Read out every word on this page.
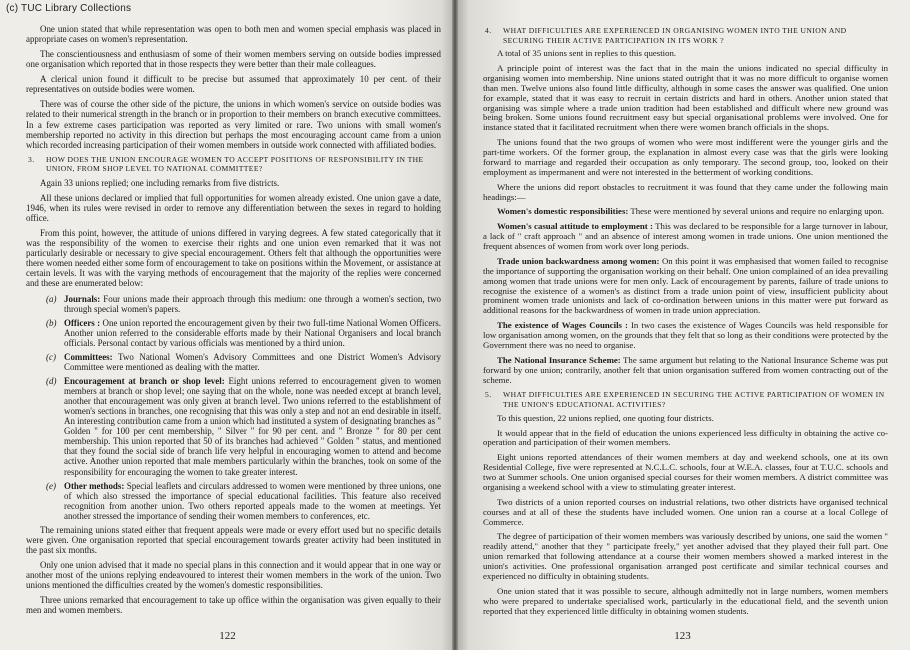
(c) TUC Library Collections

One union stated that while representation was open to both men and women special emphasis was placed in appropriate cases on women's representation.

The conscientiousness and enthusiasm of some of their women members serving on outside bodies impressed one organisation which reported that in those respects they were better than their male colleagues.

A clerical union found it difficult to be precise but assumed that approximately 10 per cent. of their representatives on outside bodies were women.

There was of course the other side of the picture, the unions in which women's service on outside bodies was related to their numerical strength in the branch or in proportion to their members on branch executive committees. In a few extreme cases participation was reported as very limited or rare. Two unions with small women's membership reported no activity in this direction but perhaps the most encouraging account came from a union which recorded increasing participation of their women members in outside work connected with affiliated bodies.

3. HOW DOES THE UNION ENCOURAGE WOMEN TO ACCEPT POSITIONS OF RESPONSIBILITY IN THE UNION, FROM SHOP LEVEL TO NATIONAL COMMITTEE?

Again 33 unions replied; one including remarks from five districts.

All these unions declared or implied that full opportunities for women already existed. One union gave a date, 1946, when its rules were revised in order to remove any differentiation between the sexes in regard to holding office.

From this point, however, the attitude of unions differed in varying degrees. A few stated categorically that it was the responsibility of the women to exercise their rights and one union even remarked that it was not particularly desirable or necessary to give special encouragement. Others felt that although the opportunities were there women needed either some form of encouragement to take on positions within the Movement, or assistance at certain levels. It was with the varying methods of encouragement that the majority of the replies were concerned and these are enumerated below:

(a) Journals: Four unions made their approach through this medium: one through a women's section, two through special women's papers.
(b) Officers : One union reported the encouragement given by their two full-time National Women Officers. Another union referred to the considerable efforts made by their National Organisers and local branch officials. Personal contact by various officials was mentioned by a third union.
(c) Committees: Two National Women's Advisory Committees and one District Women's Advisory Committee were mentioned as dealing with the matter.
(d) Encouragement at branch or shop level: Eight unions referred to encouragement given to women members at branch or shop level; one saying that on the whole, none was needed except at branch level, another that encouragement was only given at branch level. Two unions referred to the establishment of women's sections in branches, one recognising that this was only a step and not an end desirable in itself. An interesting contribution came from a union which had instituted a system of designating branches as " Golden " for 100 per cent membership, " Silver " for 90 per cent. and " Bronze " for 80 per cent membership. This union reported that 50 of its branches had achieved " Golden " status, and mentioned that they found the social side of branch life very helpful in encouraging women to attend and become active. Another union reported that male members particularly within the branches, took on some of the responsibility for encouraging the women to take greater interest.
(e) Other methods: Special leaflets and circulars addressed to women were mentioned by three unions, one of which also stressed the importance of special educational facilities. This feature also received recognition from another union. Two others reported appeals made to the women at meetings. Yet another stressed the importance of sending their women members to conferences, etc.

The remaining unions stated either that frequent appeals were made or every effort used but no specific details were given. One organisation reported that special encouragement towards greater activity had been instituted in the past six months.

Only one union advised that it made no special plans in this connection and it would appear that in one way or another most of the unions replying endeavoured to interest their women members in the work of the union. Two unions mentioned the difficulties created by the women's domestic responsibilities.

Three unions remarked that encouragement to take up office within the organisation was given equally to their men and women members.

122
4. WHAT DIFFICULTIES ARE EXPERIENCED IN ORGANISING WOMEN INTO THE UNION AND SECURING THEIR ACTIVE PARTICIPATION IN ITS WORK ?

A total of 35 unions sent in replies to this question.

A principle point of interest was the fact that in the main the unions indicated no special difficulty in organising women into membership. Nine unions stated outright that it was no more difficult to organise women than men. Twelve unions also found little difficulty, although in some cases the answer was qualified. One union for example, stated that it was easy to recruit in certain districts and hard in others. Another union stated that organising was simple where a trade union tradition had been established and difficult where new ground was being broken. Some unions found recruitment easy but special organisational problems were involved. One for instance stated that it facilitated recruitment when there were women branch officials in the shops.

The unions found that the two groups of women who were most indifferent were the younger girls and the part-time workers. Of the former group, the explanation in almost every case was that the girls were looking forward to marriage and regarded their occupation as only temporary. The second group, too, looked on their employment as impermanent and were not interested in the betterment of working conditions.

Where the unions did report obstacles to recruitment it was found that they came under the following main headings:—

Women's domestic responsibilities: These were mentioned by several unions and require no enlarging upon.
Women's casual attitude to employment : This was declared to be responsible for a large turnover in labour, a lack of " craft approach " and an absence of interest among women in trade unions. One union mentioned the frequent absences of women from work over long periods.
Trade union backwardness among women: On this point it was emphasised that women failed to recognise the importance of supporting the organisation working on their behalf. One union complained of an idea prevailing among women that trade unions were for men only. Lack of encouragement by parents, failure of trade unions to recognise the existence of a women's as distinct from a trade union point of view, insufficient publicity about prominent women trade unionists and lack of co-ordination between unions in this matter were put forward as additional reasons for the backwardness of women in trade union appreciation.
The existence of Wages Councils : In two cases the existence of Wages Councils was held responsible for low organisation among women, on the grounds that they felt that so long as their conditions were protected by the Government there was no need to organise.
The National Insurance Scheme: The same argument but relating to the National Insurance Scheme was put forward by one union; contrarily, another felt that union organisation suffered from women contracting out of the scheme.
5. WHAT DIFFICULTIES ARE EXPERIENCED IN SECURING THE ACTIVE PARTICIPATION OF WOMEN IN THE UNION'S EDUCATIONAL ACTIVITIES?

To this question, 22 unions replied, one quoting four districts.

It would appear that in the field of education the unions experienced less difficulty in obtaining the active co-operation and participation of their women members.

Eight unions reported attendances of their women members at day and weekend schools, one at its own Residential College, five were represented at N.C.L.C. schools, four at W.E.A. classes, four at T.U.C. schools and two at Summer schools. One union organised special courses for their women members. A district committee was organising a weekend school with a view to stimulating greater interest.

Two districts of a union reported courses on industrial relations, two other districts have organised technical courses and at all of these the students have included women. One union ran a course at a local College of Commerce.

The degree of participation of their women members was variously described by unions, one said the women " readily attend," another that they " participate freely," yet another advised that they played their full part. One union remarked that following attendance at a course their women members showed a marked interest in the union's activities. One professional organisation arranged post certificate and similar technical courses and experienced no difficulty in obtaining students.

One union stated that it was possible to secure, although admittedly not in large numbers, women members who were prepared to undertake specialised work, particularly in the educational field, and the seventh union reported that they experienced little difficulty in obtaining women students.

123
